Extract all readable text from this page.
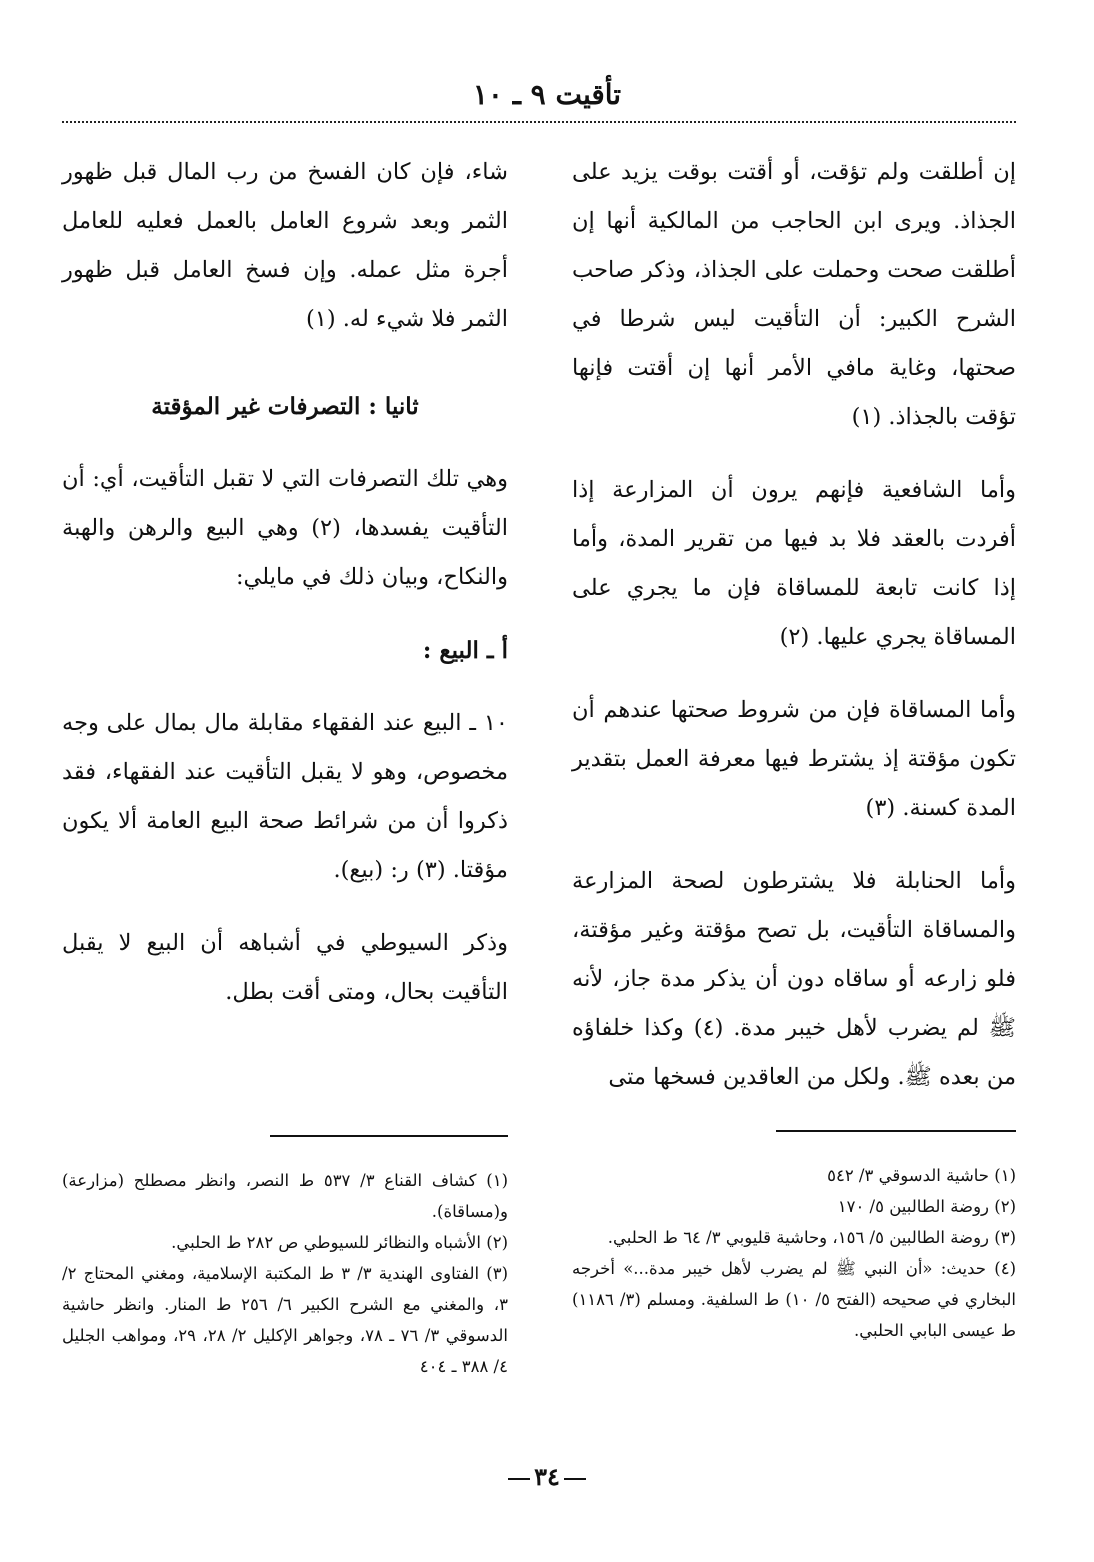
تأقيت ٩ ـ ١٠

إن أطلقت ولم تؤقت، أو أقتت بوقت يزيد على الجذاذ. ويرى ابن الحاجب من المالكية أنها إن أطلقت صحت وحملت على الجذاذ، وذكر صاحب الشرح الكبير: أن التأقيت ليس شرطا في صحتها، وغاية مافي الأمر أنها إن أقتت فإنها تؤقت بالجذاذ. (١)

وأما الشافعية فإنهم يرون أن المزارعة إذا أفردت بالعقد فلا بد فيها من تقرير المدة، وأما إذا كانت تابعة للمساقاة فإن ما يجري على المساقاة يجري عليها. (٢)

وأما المساقاة فإن من شروط صحتها عندهم أن تكون مؤقتة إذ يشترط فيها معرفة العمل بتقدير المدة كسنة. (٣)

وأما الحنابلة فلا يشترطون لصحة المزارعة والمساقاة التأقيت، بل تصح مؤقتة وغير مؤقتة، فلو زارعه أو ساقاه دون أن يذكر مدة جاز، لأنه ﷺ لم يضرب لأهل خيبر مدة. (٤) وكذا خلفاؤه من بعده ﷺ. ولكل من العاقدين فسخها متى

شاء، فإن كان الفسخ من رب المال قبل ظهور الثمر وبعد شروع العامل بالعمل فعليه للعامل أجرة مثل عمله. وإن فسخ العامل قبل ظهور الثمر فلا شيء له. (١)

ثانيا : التصرفات غير المؤقتة

وهي تلك التصرفات التي لا تقبل التأقيت، أي: أن التأقيت يفسدها، (٢) وهي البيع والرهن والهبة والنكاح، وبيان ذلك في مايلي:

أ ـ البيع :

١٠ ـ البيع عند الفقهاء مقابلة مال بمال على وجه مخصوص، وهو لا يقبل التأقيت عند الفقهاء، فقد ذكروا أن من شرائط صحة البيع العامة ألا يكون مؤقتا. (٣) ر: (بيع).

وذكر السيوطي في أشباهه أن البيع لا يقبل التأقيت بحال، ومتى أقت بطل.

(١) حاشية الدسوقي ٣/ ٥٤٢

(٢) روضة الطالبين ٥/ ١٧٠

(٣) روضة الطالبين ٥/ ١٥٦، وحاشية قليوبي ٣/ ٦٤ ط الحلبي.

(٤) حديث: «أن النبي ﷺ لم يضرب لأهل خيبر مدة...» أخرجه البخاري في صحيحه (الفتح ٥/ ١٠) ط السلفية. ومسلم (٣/ ١١٨٦) ط عيسى البابي الحلبي.

(١) كشاف القناع ٣/ ٥٣٧ ط النصر، وانظر مصطلح (مزارعة) و(مساقاة).

(٢) الأشباه والنظائر للسيوطي ص ٢٨٢ ط الحلبي.

(٣) الفتاوى الهندية ٣/ ٣ ط المكتبة الإسلامية، ومغني المحتاج ٢/ ٣، والمغني مع الشرح الكبير ٦/ ٢٥٦ ط المنار. وانظر حاشية الدسوقي ٣/ ٧٦ ـ ٧٨، وجواهر الإكليل ٢/ ٢٨، ٢٩، ومواهب الجليل ٤/ ٣٨٨ ـ ٤٠٤

٣٤
